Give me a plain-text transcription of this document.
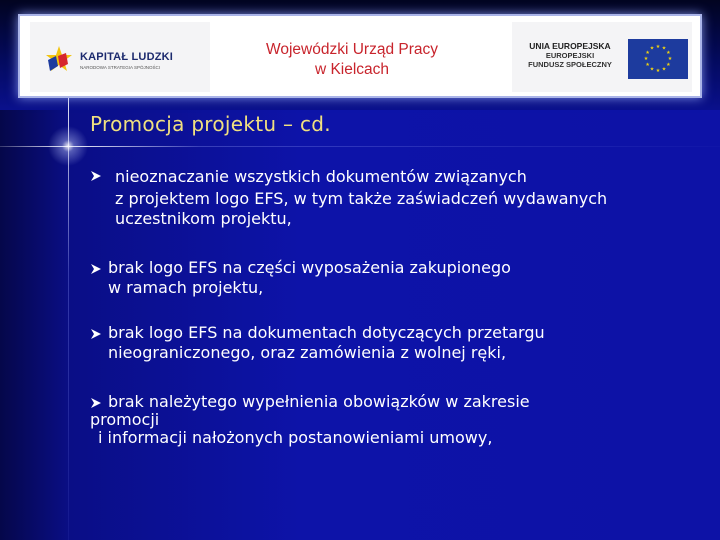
KAPITAŁ LUDZKI
NARODOWA STRATEGIA SPÓJNOŚCI
Wojewódzki Urząd Pracy
w Kielcach
UNIA EUROPEJSKA
EUROPEJSKI
FUNDUSZ SPOŁECZNY
★ ★
★
★
★
★
★
★
★
★
★
★
Promocja projektu – cd.
nieoznaczanie wszystkich dokumentów związanych
z projektem logo EFS, w tym także zaświadczeń wydawanych
uczestnikom projektu,
brak logo EFS na części wyposażenia zakupionego
w ramach projektu,
brak logo EFS na dokumentach dotyczących przetargu
nieograniczonego, oraz zamówienia z wolnej ręki,
brak należytego wypełnienia obowiązków w zakresie
promocji
i informacji nałożonych postanowieniami umowy,
